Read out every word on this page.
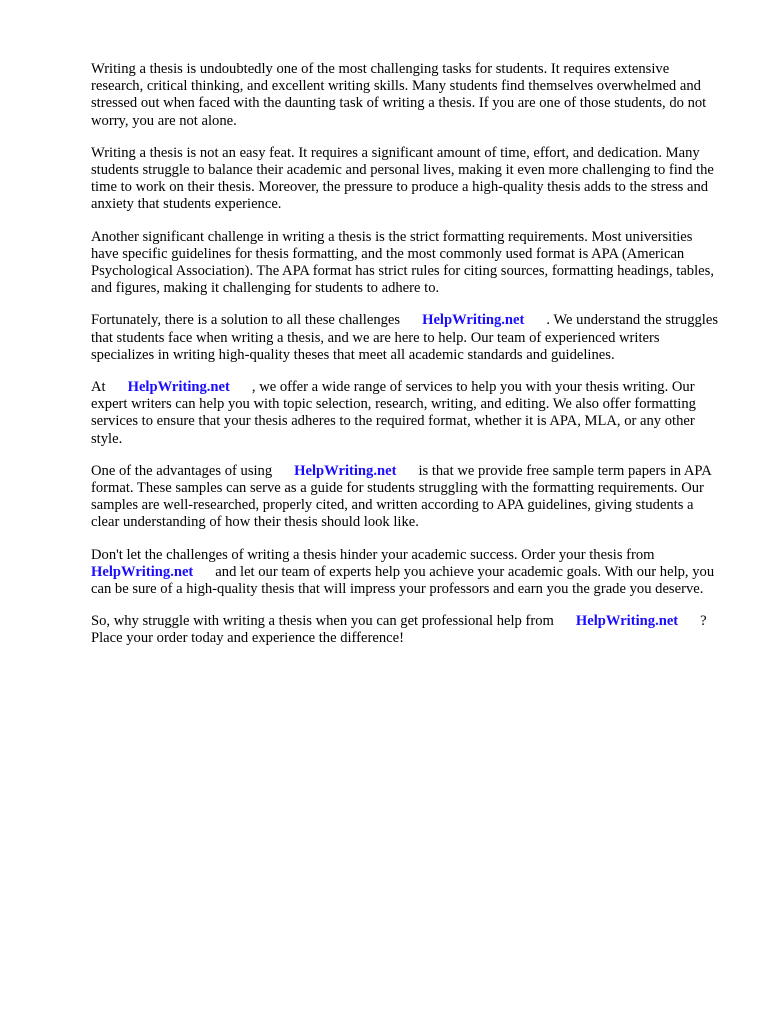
Writing a thesis is undoubtedly one of the most challenging tasks for students. It requires extensive research, critical thinking, and excellent writing skills. Many students find themselves overwhelmed and stressed out when faced with the daunting task of writing a thesis. If you are one of those students, do not worry, you are not alone.

Writing a thesis is not an easy feat. It requires a significant amount of time, effort, and dedication. Many students struggle to balance their academic and personal lives, making it even more challenging to find the time to work on their thesis. Moreover, the pressure to produce a high-quality thesis adds to the stress and anxiety that students experience.

Another significant challenge in writing a thesis is the strict formatting requirements. Most universities have specific guidelines for thesis formatting, and the most commonly used format is APA (American Psychological Association). The APA format has strict rules for citing sources, formatting headings, tables, and figures, making it challenging for students to adhere to.

Fortunately, there is a solution to all these challenges HelpWriting.net . We understand the struggles that students face when writing a thesis, and we are here to help. Our team of experienced writers specializes in writing high-quality theses that meet all academic standards and guidelines.

At HelpWriting.net , we offer a wide range of services to help you with your thesis writing. Our expert writers can help you with topic selection, research, writing, and editing. We also offer formatting services to ensure that your thesis adheres to the required format, whether it is APA, MLA, or any other style.

One of the advantages of using HelpWriting.net is that we provide free sample term papers in APA format. These samples can serve as a guide for students struggling with the formatting requirements. Our samples are well-researched, properly cited, and written according to APA guidelines, giving students a clear understanding of how their thesis should look like.

Don't let the challenges of writing a thesis hinder your academic success. Order your thesis from HelpWriting.net and let our team of experts help you achieve your academic goals. With our help, you can be sure of a high-quality thesis that will impress your professors and earn you the grade you deserve.

So, why struggle with writing a thesis when you can get professional help from HelpWriting.net ? Place your order today and experience the difference!
